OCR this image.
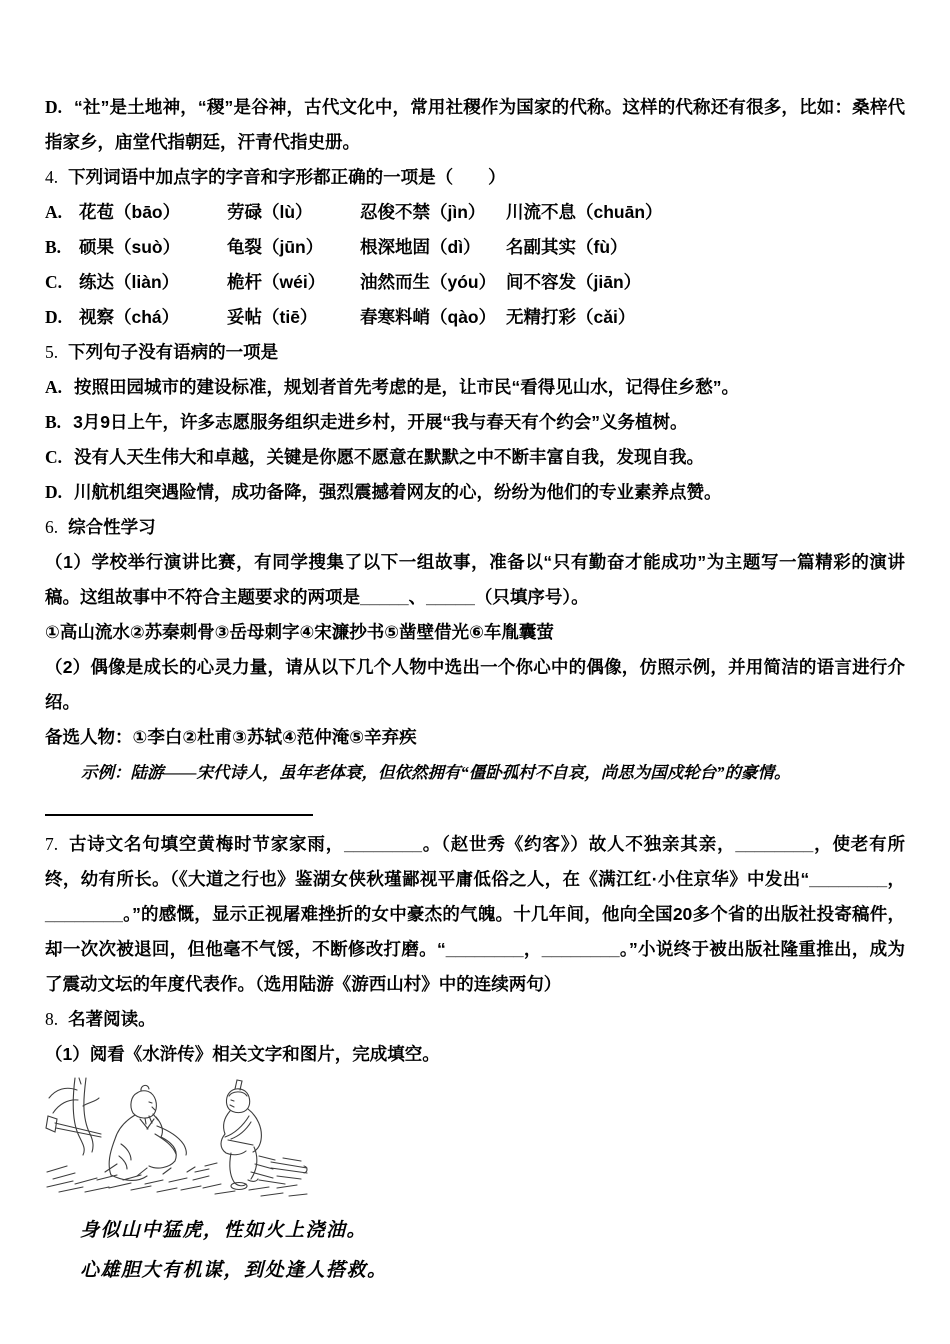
D. “社”是土地神，“稷”是谷神，古代文化中，常用社稷作为国家的代称。这样的代称还有很多，比如：桑梓代指家乡，庙堂代指朝廷，汗青代指史册。

4. 下列词语中加点字的字音和字形都正确的一项是（　　）

A. 花苞（bāo）	劳碌（lù）	忍俊不禁（jìn）	川流不息（chuān）
B.	硕果（suò）	龟裂（jūn）	根深地固（dì）	名副其实（fù）
C. 练达（liàn）	桅杆（wéi）	油然而生（yóu） 间不容发（jiān）
D. 视察（chá）	妥帖（tiē）	春寒料峭（qào） 无精打彩（cǎi）

5. 下列句子没有语病的一项是

A. 按照田园城市的建设标准，规划者首先考虑的是，让市民“看得见山水，记得住乡愁”。

B. 3月9日上午，许多志愿服务组织走进乡村，开展“我与春天有个约会”义务植树。

C. 没有人天生伟大和卓越，关键是你愿不愿意在默默之中不断丰富自我，发现自我。

D. 川航机组突遇险情，成功备降，强烈震撼着网友的心，纷纷为他们的专业素养点赞。

6. 综合性学习

（1）学校举行演讲比赛，有同学搜集了以下一组故事，准备以“只有勤奋才能成功”为主题写一篇精彩的演讲稿。这组故事中不符合主题要求的两项是_____、_____（只填序号）。

①高山流水②苏秦刺骨③岳母刺字④宋濂抄书⑤凿壁借光⑥车胤囊萤

（2）偶像是成长的心灵力量，请从以下几个人物中选出一个你心中的偶像，仿照示例，并用简洁的语言进行介绍。

备选人物：①李白②杜甫③苏轼④范仲淹⑤辛弃疾

示例：陆游——宋代诗人，虽年老体衰，但依然拥有“僵卧孤村不自哀，尚思为国戍轮台”的豪情。

7. 古诗文名句填空黄梅时节家家雨，________。（赵世秀《约客》）故人不独亲其亲，________，使老有所终，幼有所长。（《大道之行也》鉴湖女侠秋瑾鄙视平庸低俗之人，在《满江红·小住京华》中发出“________，________。”的感慨，显示正视屠难挫折的女中豪杰的气魄。十几年间，他向全国20多个省的出版社投寄稿件，却一次次被退回，但他毫不气馁，不断修改打磨。“________，________。”小说终于被出版社隆重推出，成为了震动文坛的年度代表作。（选用陆游《游西山村》中的连续两句）

8. 名著阅读。

（1）阅看《水浒传》相关文字和图片，完成填空。

身似山中猛虎，性如火上浇油。

心雄胆大有机谋，到处逢人搭救。
